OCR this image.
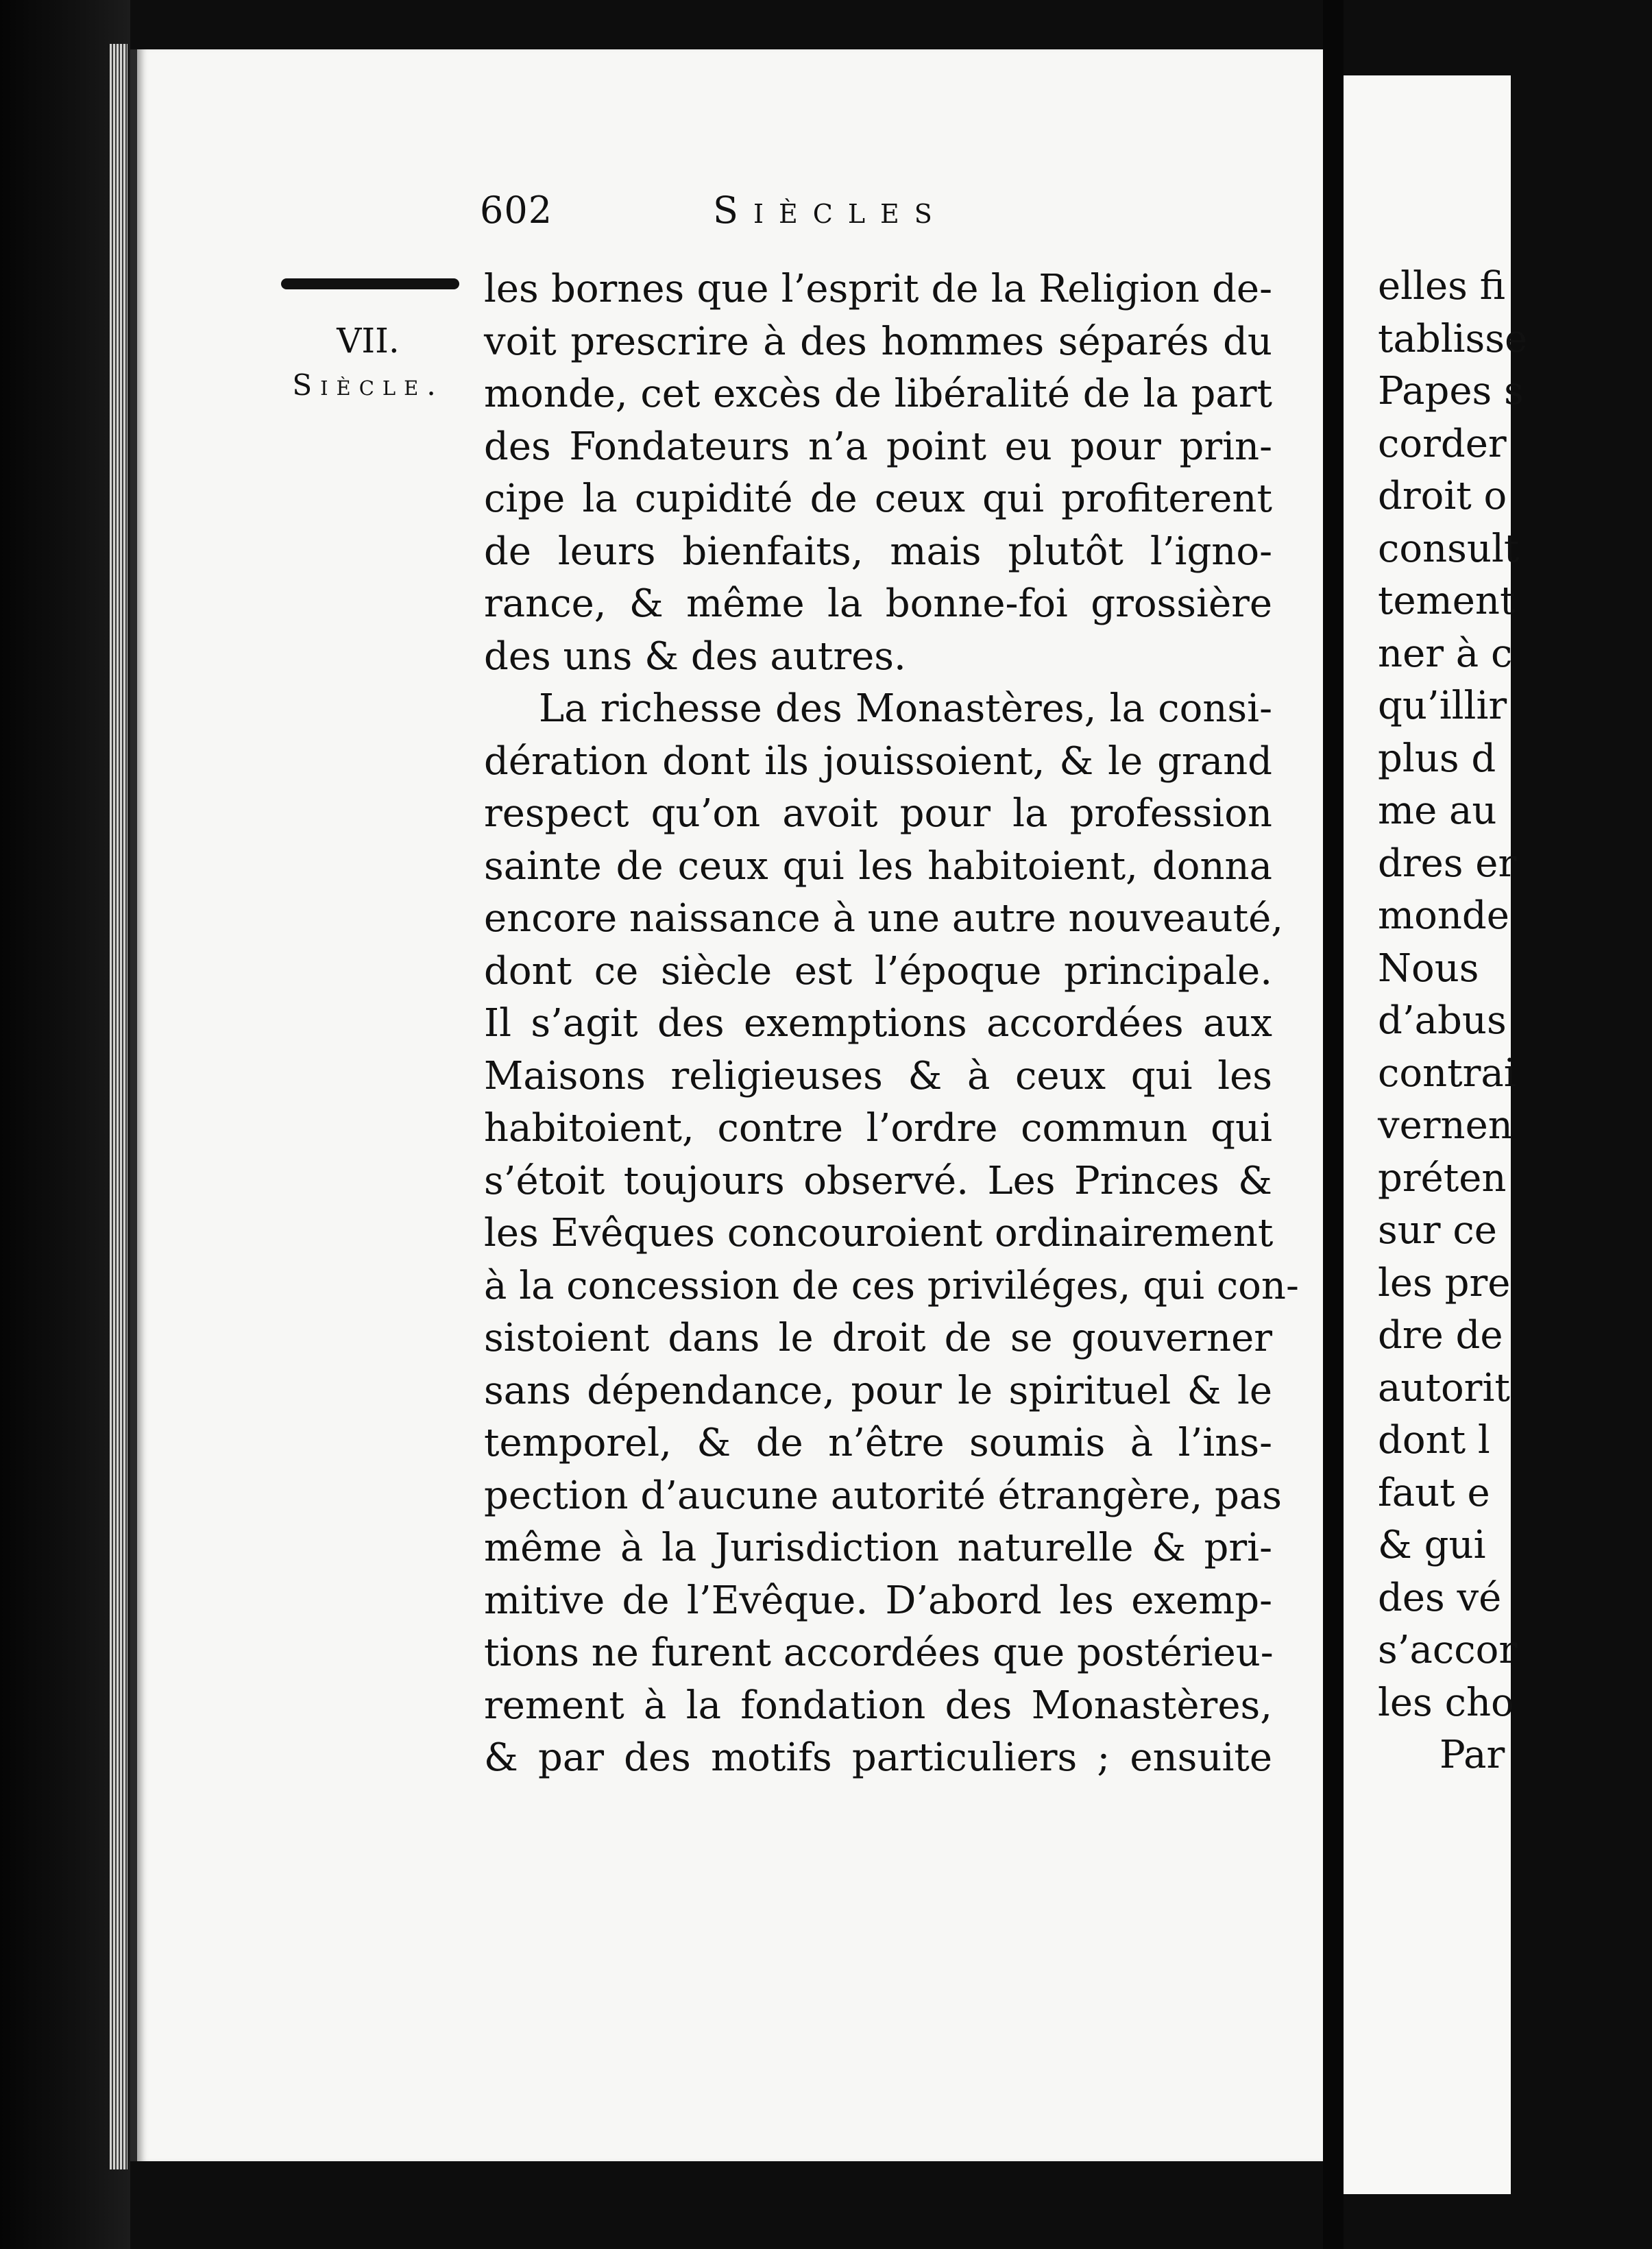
602	Siècles
VII.
Siècle.
les bornes que l’esprit de la Religion de-
voit prescrire à des hommes séparés du
monde, cet excès de libéralité de la part
des Fondateurs n’a point eu pour prin-
cipe la cupidité de ceux qui profiterent
de leurs bienfaits, mais plutôt l’igno-
rance, & même la bonne-foi grossière
des uns & des autres.
La richesse des Monastères, la consi-
dération dont ils jouissoient, & le grand
respect qu’on avoit pour la profession
sainte de ceux qui les habitoient, donna
encore naissance à une autre nouveauté,
dont ce siècle est l’époque principale.
Il s’agit des exemptions accordées aux
Maisons religieuses & à ceux qui les
habitoient, contre l’ordre commun qui
s’étoit toujours observé. Les Princes &
les Evêques concouroient ordinairement
à la concession de ces priviléges, qui con-
sistoient dans le droit de se gouverner
sans dépendance, pour le spirituel & le
temporel, & de n’être soumis à l’ins-
pection d’aucune autorité étrangère, pas
même à la Jurisdiction naturelle & pri-
mitive de l’Evêque. D’abord les exemp-
tions ne furent accordées que postérieu-
rement à la fondation des Monastères,
& par des motifs particuliers ; ensuite
elles fi
tablisse
Papes s
corder
droit o
consult
tement
ner à c
qu’illir
plus d
me au
dres er
monde
Nous
d’abus
contrai
vernen
préten
sur ce
les pre
dre de
autorit
dont l
faut e
& gui
des vé
s’accor
les cho
Par
